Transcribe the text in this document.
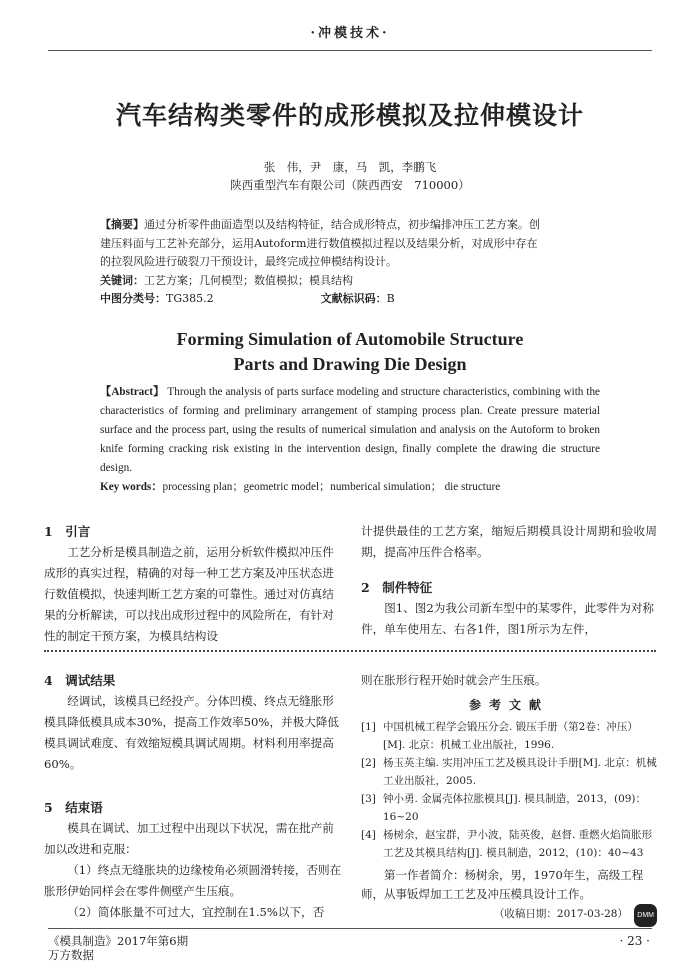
·冲模技术·
汽车结构类零件的成形模拟及拉伸模设计
张　伟，尹　康，马　凯，李鹏飞
陕西重型汽车有限公司（陕西西安　710000）
【摘要】通过分析零件曲面造型以及结构特征，结合成形特点，初步编排冲压工艺方案。创
建压料面与工艺补充部分，运用Autoform进行数值模拟过程以及结果分析，对成形中存在
的拉裂风险进行破裂刀干预设计，最终完成拉伸模结构设计。
关键词：工艺方案；几何模型；数值模拟；模具结构
中图分类号：TG385.2	文献标识码：B
Forming Simulation of Automobile Structure
Parts and Drawing Die Design
【Abstract】 Through the analysis of parts surface modeling and structure characteristics, combining with the characteristics of forming and preliminary arrangement of stamping process plan. Create pressure material surface and the process part, using the results of numerical simulation and analysis on the Autoform to broken knife forming cracking risk existing in the intervention design, finally complete the drawing die structure design.
Key words：processing plan；geometric model；numberical simulation； die structure
1　引言

工艺分析是模具制造之前，运用分析软件模拟冲压件成形的真实过程，精确的对每一种工艺方案及冲压状态进行数值模拟，快速判断工艺方案的可靠性。通过对仿真结果的分析解读，可以找出成形过程中的风险所在，有针对性的制定干预方案，为模具结构设

计提供最佳的工艺方案，缩短后期模具设计周期和验收周期，提高冲压件合格率。
2　制件特征

图1、图2为我公司新车型中的某零件，此零件为对称件，单车使用左、右各1件，图1所示为左件，

4　调试结果

经调试，该模具已经投产。分体凹模、终点无缝胀形模具降低模具成本30%，提高工作效率50%，并极大降低模具调试难度、有效缩短模具调试周期。材料利用率提高60%。

5　结束语

模具在调试、加工过程中出现以下状况，需在批产前加以改进和克服：

（1）终点无缝胀块的边缘棱角必须圆滑转接，否则在胀形伊始同样会在零件侧壁产生压痕。

（2）简体胀量不可过大，宜控制在1.5%以下，否

则在胀形行程开始时就会产生压痕。
参考文献
[1] 中国机械工程学会锻压分会. 锻压手册（第2卷：冲压）[M]. 北京：机械工业出版社，1996.
[2] 杨玉英主编. 实用冲压工艺及模具设计手册[M]. 北京：机械工业出版社，2005.
[3] 钟小勇. 金属壳体拉胀模具[J]. 模具制造，2013，(09)：16~20
[4] 杨树余，赵宝群，尹小波，陆英俊，赵督. 重燃火焰筒胀形工艺及其模具结构[J]. 模具制造，2012，(10)：40~43

第一作者简介：杨树余，男，1970年生，高级工程师，从事钣焊加工工艺及冲压模具设计工作。

（收稿日期：2017-03-28） DMM
《模具制造》2017年第6期
万方数据
· 23 ·
